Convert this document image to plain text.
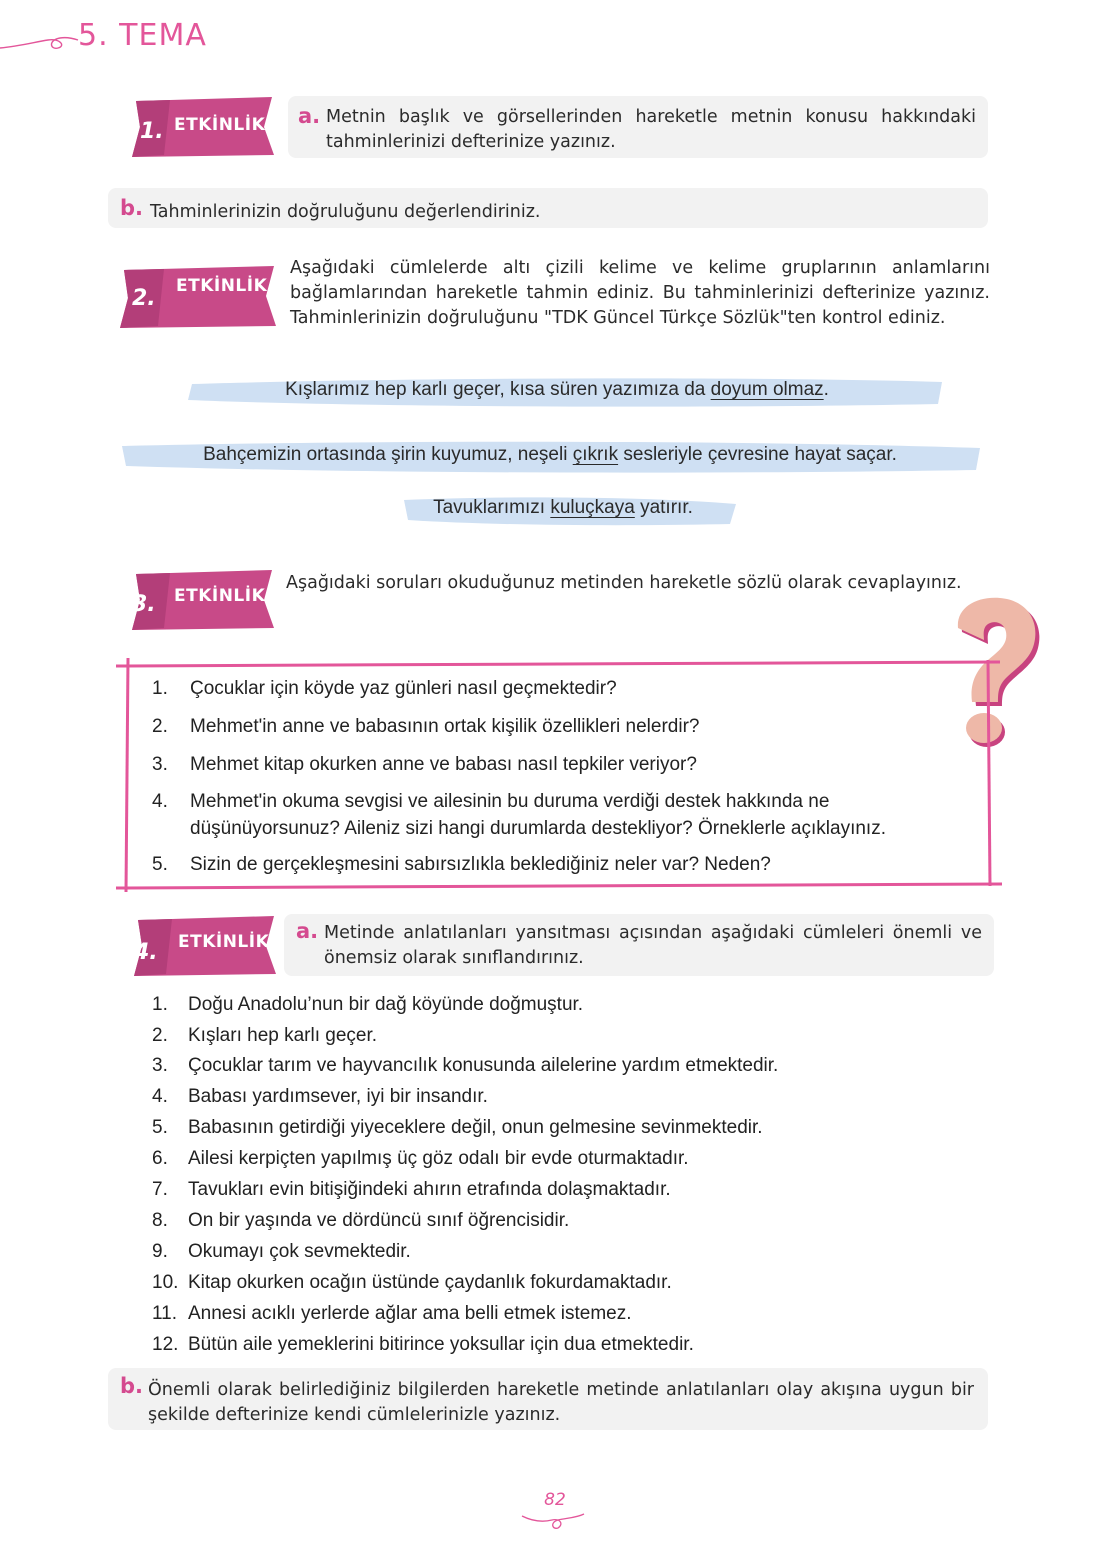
5. TEMA
1. ETKİNLİK a. Metnin başlık ve görsellerinden hareketle metnin konusu hakkındaki tahminlerinizi defterinize yazınız.
b. Tahminlerinizin doğruluğunu değerlendiriniz.
2. ETKİNLİK
Aşağıdaki cümlelerde altı çizili kelime ve kelime gruplarının anlamlarını bağlamlarından hareketle tahmin ediniz. Bu tahminlerinizi defterinize yazınız. Tahminlerinizin doğruluğunu "TDK Güncel Türkçe Sözlük"ten kontrol ediniz.
Kışlarımız hep karlı geçer, kısa süren yazımıza da doyum olmaz.
Bahçemizin ortasında şirin kuyumuz, neşeli çıkrık sesleriyle çevresine hayat saçar.
Tavuklarımızı kuluçkaya yatırır.
3. ETKİNLİK
Aşağıdaki soruları okuduğunuz metinden hareketle sözlü olarak cevaplayınız.
1. Çocuklar için köyde yaz günleri nasıl geçmektedir?
2. Mehmet'in anne ve babasının ortak kişilik özellikleri nelerdir?
3. Mehmet kitap okurken anne ve babası nasıl tepkiler veriyor?
4.	Mehmet'in okuma sevgisi ve ailesinin bu duruma verdiği destek hakkında ne düşünüyorsunuz? Aileniz sizi hangi durumlarda destekliyor? Örneklerle açıklayınız.
5. Sizin de gerçekleşmesini sabırsızlıkla beklediğiniz neler var? Neden?
4. ETKİNLİK a. Metinde anlatılanları yansıtması açısından aşağıdaki cümleleri önemli ve önemsiz olarak sınıflandırınız.
1. Doğu Anadolu’nun bir dağ köyünde doğmuştur.
2. Kışları hep karlı geçer.
3. Çocuklar tarım ve hayvancılık konusunda ailelerine yardım etmektedir.
4. Babası yardımsever, iyi bir insandır.
5. Babasının getirdiği yiyeceklere değil, onun gelmesine sevinmektedir.
6. Ailesi kerpiçten yapılmış üç göz odalı bir evde oturmaktadır.
7. Tavukları evin bitişiğindeki ahırın etrafında dolaşmaktadır.
8. On bir yaşında ve dördüncü sınıf öğrencisidir.
9. Okumayı çok sevmektedir.
10. Kitap okurken ocağın üstünde çaydanlık fokurdamaktadır.
11. Annesi acıklı yerlerde ağlar ama belli etmek istemez.
12. Bütün aile yemeklerini bitirince yoksullar için dua etmektedir.
b. Önemli olarak belirlediğiniz bilgilerden hareketle metinde anlatılanları olay akışına uygun bir şekilde defterinize kendi cümlelerinizle yazınız.
82
